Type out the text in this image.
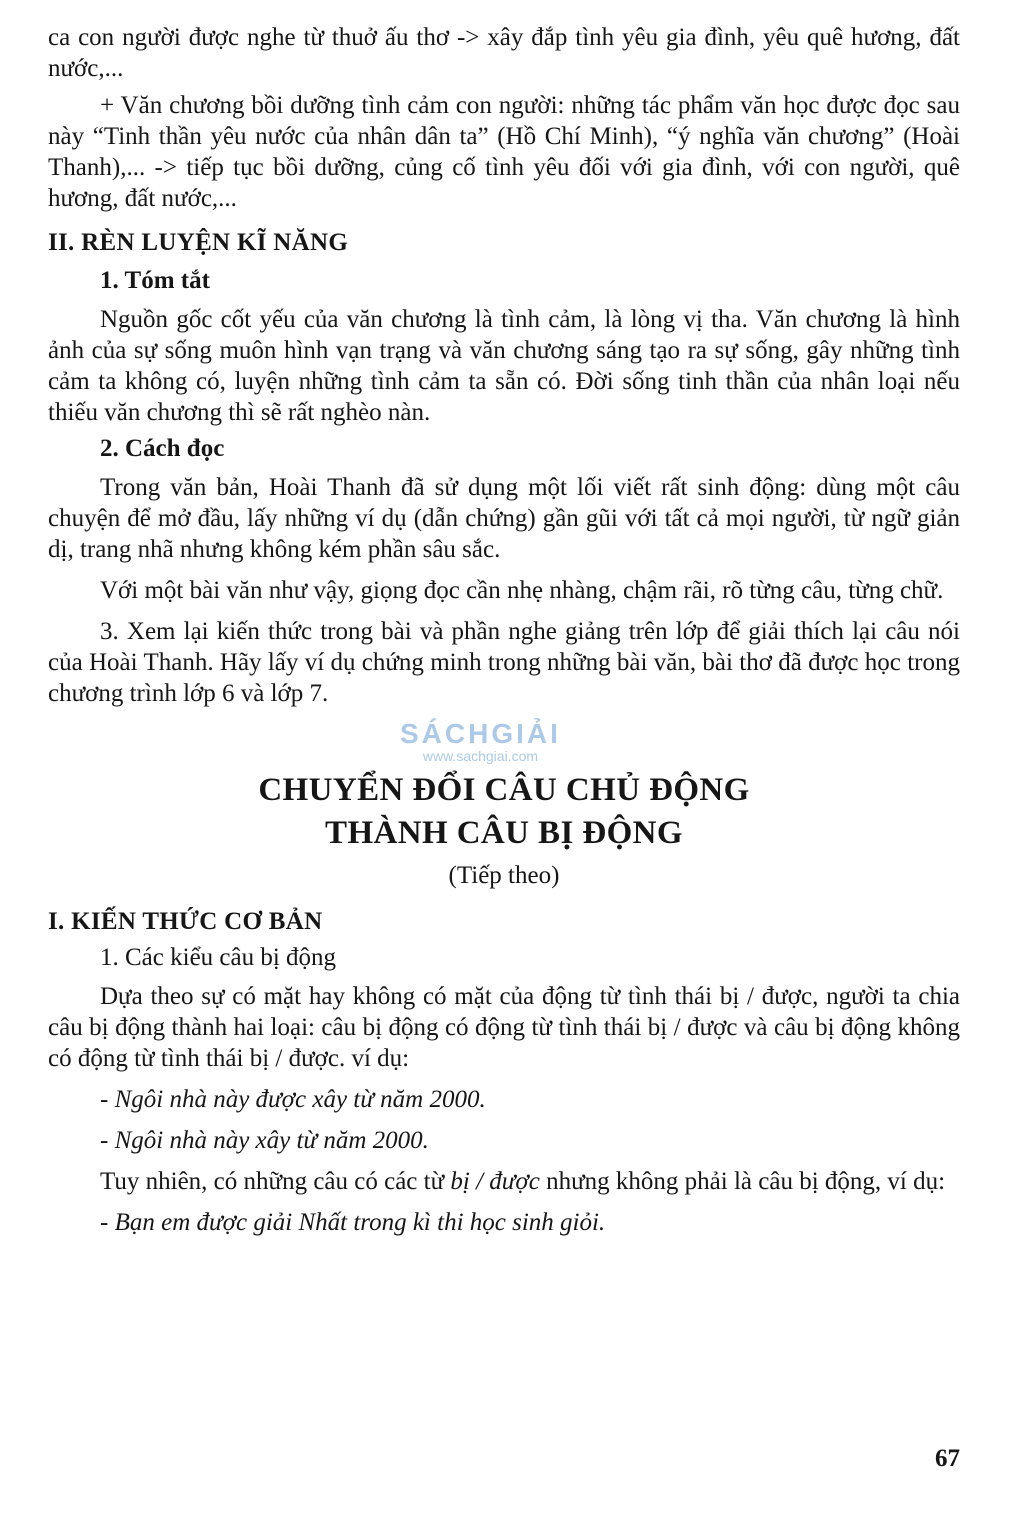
ca con người được nghe từ thuở ấu thơ -> xây đắp tình yêu gia đình, yêu quê hương, đất nước,...

+ Văn chương bồi dưỡng tình cảm con người: những tác phẩm văn học được đọc sau này “Tinh thần yêu nước của nhân dân ta” (Hồ Chí Minh), “ý nghĩa văn chương” (Hoài Thanh),... -> tiếp tục bồi dưỡng, củng cố tình yêu đối với gia đình, với con người, quê hương, đất nước,...

II. RÈN LUYỆN KĨ NĂNG
1. Tóm tắt

Nguồn gốc cốt yếu của văn chương là tình cảm, là lòng vị tha. Văn chương là hình ảnh của sự sống muôn hình vạn trạng và văn chương sáng tạo ra sự sống, gây những tình cảm ta không có, luyện những tình cảm ta sẵn có. Đời sống tinh thần của nhân loại nếu thiếu văn chương thì sẽ rất nghèo nàn.

2. Cách đọc

Trong văn bản, Hoài Thanh đã sử dụng một lối viết rất sinh động: dùng một câu chuyện để mở đầu, lấy những ví dụ (dẫn chứng) gần gũi với tất cả mọi người, từ ngữ giản dị, trang nhã nhưng không kém phần sâu sắc.

Với một bài văn như vậy, giọng đọc cần nhẹ nhàng, chậm rãi, rõ từng câu, từng chữ.

3. Xem lại kiến thức trong bài và phần nghe giảng trên lớp để giải thích lại câu nói của Hoài Thanh. Hãy lấy ví dụ chứng minh trong những bài văn, bài thơ đã được học trong chương trình lớp 6 và lớp 7.

CHUYỂN ĐỔI CÂU CHỦ ĐỘNG
THÀNH CÂU BỊ ĐỘNG
(Tiếp theo)
I. KIẾN THỨC CƠ BẢN
1. Các kiểu câu bị động

Dựa theo sự có mặt hay không có mặt của động từ tình thái bị / được, người ta chia câu bị động thành hai loại: câu bị động có động từ tình thái bị / được và câu bị động không có động từ tình thái bị / được. ví dụ:

- Ngôi nhà này được xây từ năm 2000.

- Ngôi nhà này xây từ năm 2000.

Tuy nhiên, có những câu có các từ bị / được nhưng không phải là câu bị động, ví dụ:

- Bạn em được giải Nhất trong kì thi học sinh giỏi.

SÁCHGIẢI
www.sachgiai.com
67
